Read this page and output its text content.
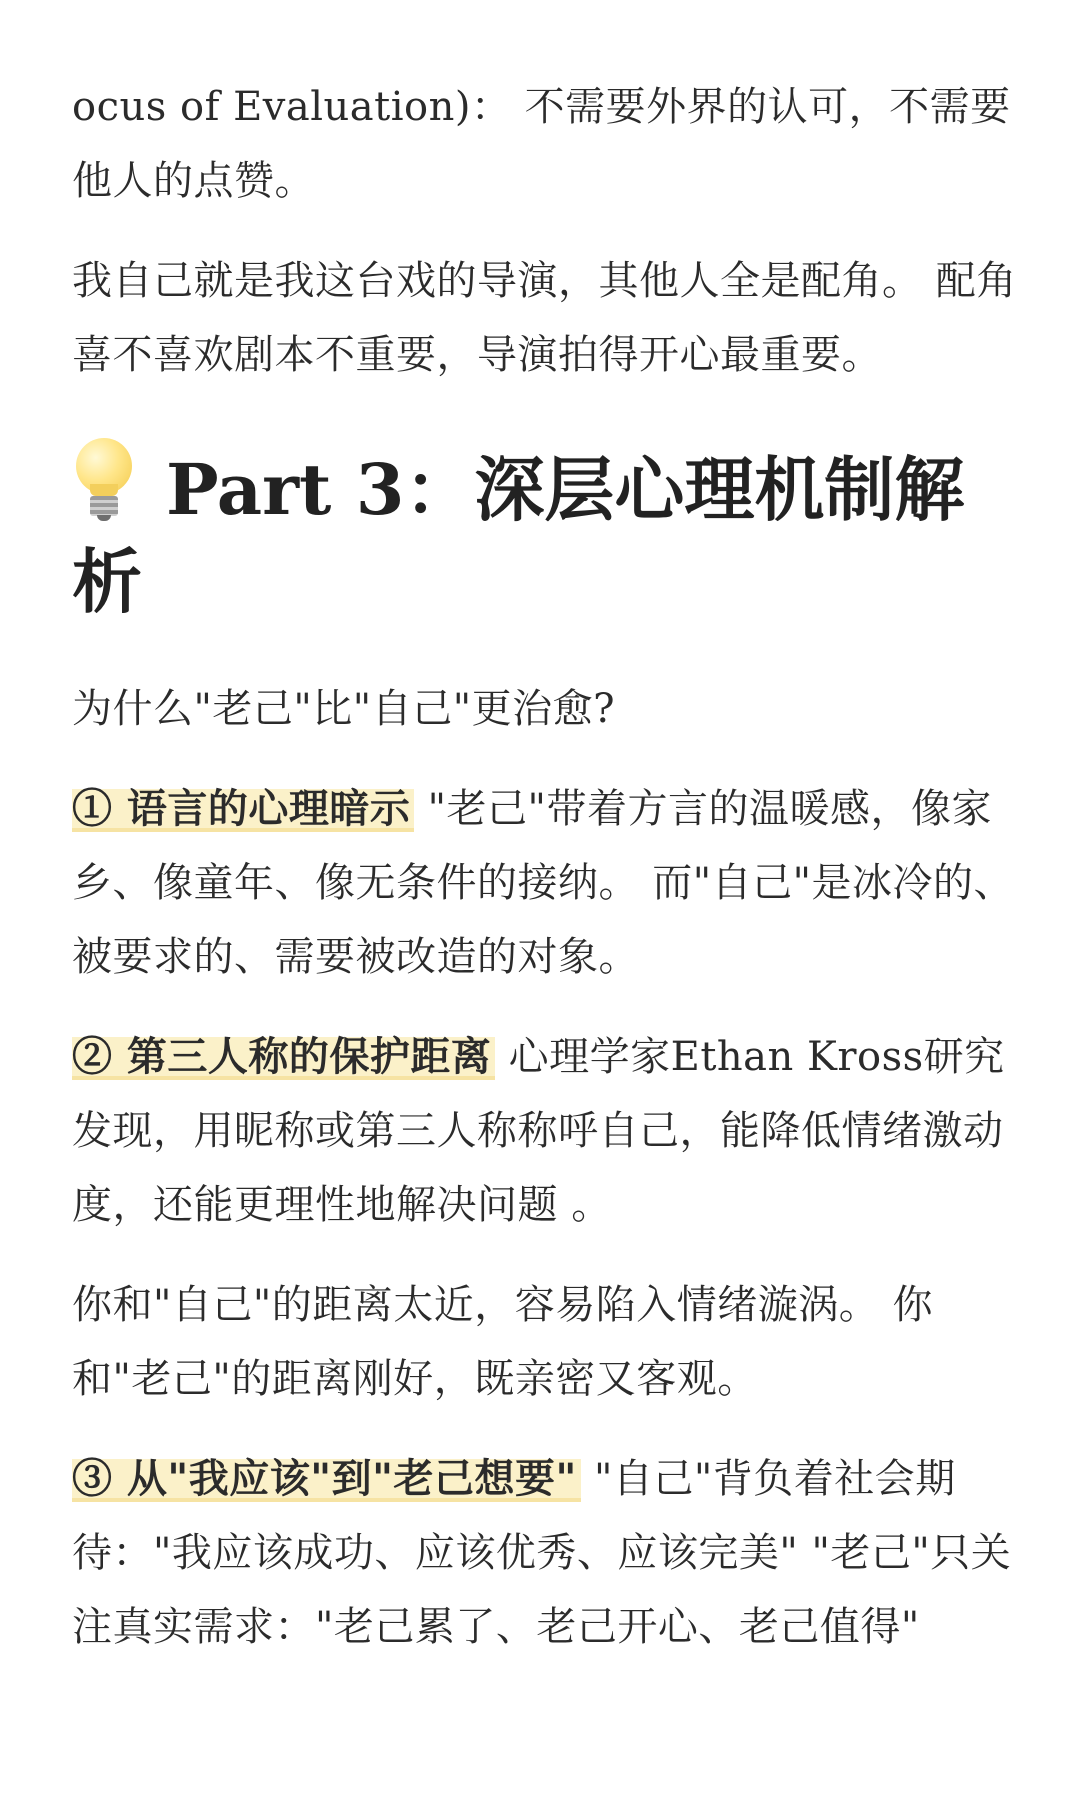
ocus of Evaluation)： 不需要外界的认可，不需要他人的点赞。

我自己就是我这台戏的导演，其他人全是配角。 配角喜不喜欢剧本不重要，导演拍得开心最重要。

Part 3：深层心理机制解析

为什么"老己"比"自己"更治愈?

① 语言的心理暗示 "老己"带着方言的温暖感，像家乡、像童年、像无条件的接纳。 而"自己"是冰冷的、被要求的、需要被改造的对象。

② 第三人称的保护距离 心理学家Ethan Kross研究发现，用昵称或第三人称称呼自己，能降低情绪激动度，还能更理性地解决问题 。

你和"自己"的距离太近，容易陷入情绪漩涡。 你和"老己"的距离刚好，既亲密又客观。

③ 从"我应该"到"老己想要" "自己"背负着社会期待："我应该成功、应该优秀、应该完美" "老己"只关注真实需求："老己累了、老己开心、老己值得"
